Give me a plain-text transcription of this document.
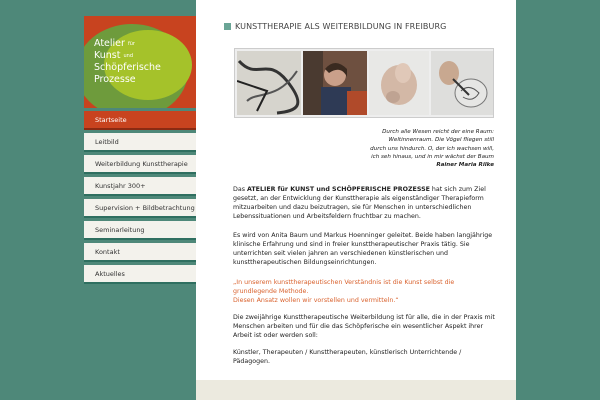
Atelier $^{für}$
Kunst $^{und}$
Schöpferische
Prozesse
Startseite
Leitbild
Weiterbildung Kunsttherapie
Kunstjahr 300+
Supervision + Bildbetrachtung
Seminarleitung
Kontakt
Aktuelles
KUNSTTHERAPIE ALS WEITERBILDUNG IN FREIBURG
Durch alle Wesen reicht der eine Raum:
Weltinnenraum. Die Vögel fliegen still
durch uns hindurch. O, der ich wachsen will,
ich seh hinaus, und in mir wächst der Baum
Rainer Maria Rilke

Das ATELIER für KUNST und SCHÖPFERISCHE PROZESSE hat sich zum Ziel gesetzt, an der Entwicklung der Kunsttherapie als eigenständiger Therapieform mitzuarbeiten und dazu beizutragen, sie für Menschen in unterschiedlichen Lebenssituationen und Arbeitsfeldern fruchtbar zu machen.

Es wird von Anita Baum und Markus Hoenninger geleitet. Beide haben langjährige klinische Erfahrung und sind in freier kunsttherapeutischer Praxis tätig. Sie unterrichten seit vielen jahren an verschiedenen künstlerischen und kunsttherapeutischen Bildungseinrichtungen.

„In unserem kunsttherapeutischen Verständnis ist die Kunst selbst die grundlegende Methode.
Diesen Ansatz wollen wir vorstellen und vermitteln.“

Die zweijährige Kunsttherapeutische Weiterbildung ist für alle, die in der Praxis mit Menschen arbeiten und für die das Schöpferische ein wesentlicher Aspekt ihrer Arbeit ist oder werden soll:

Künstler, Therapeuten / Kunsttherapeuten, künstlerisch Unterrichtende / Pädagogen.
